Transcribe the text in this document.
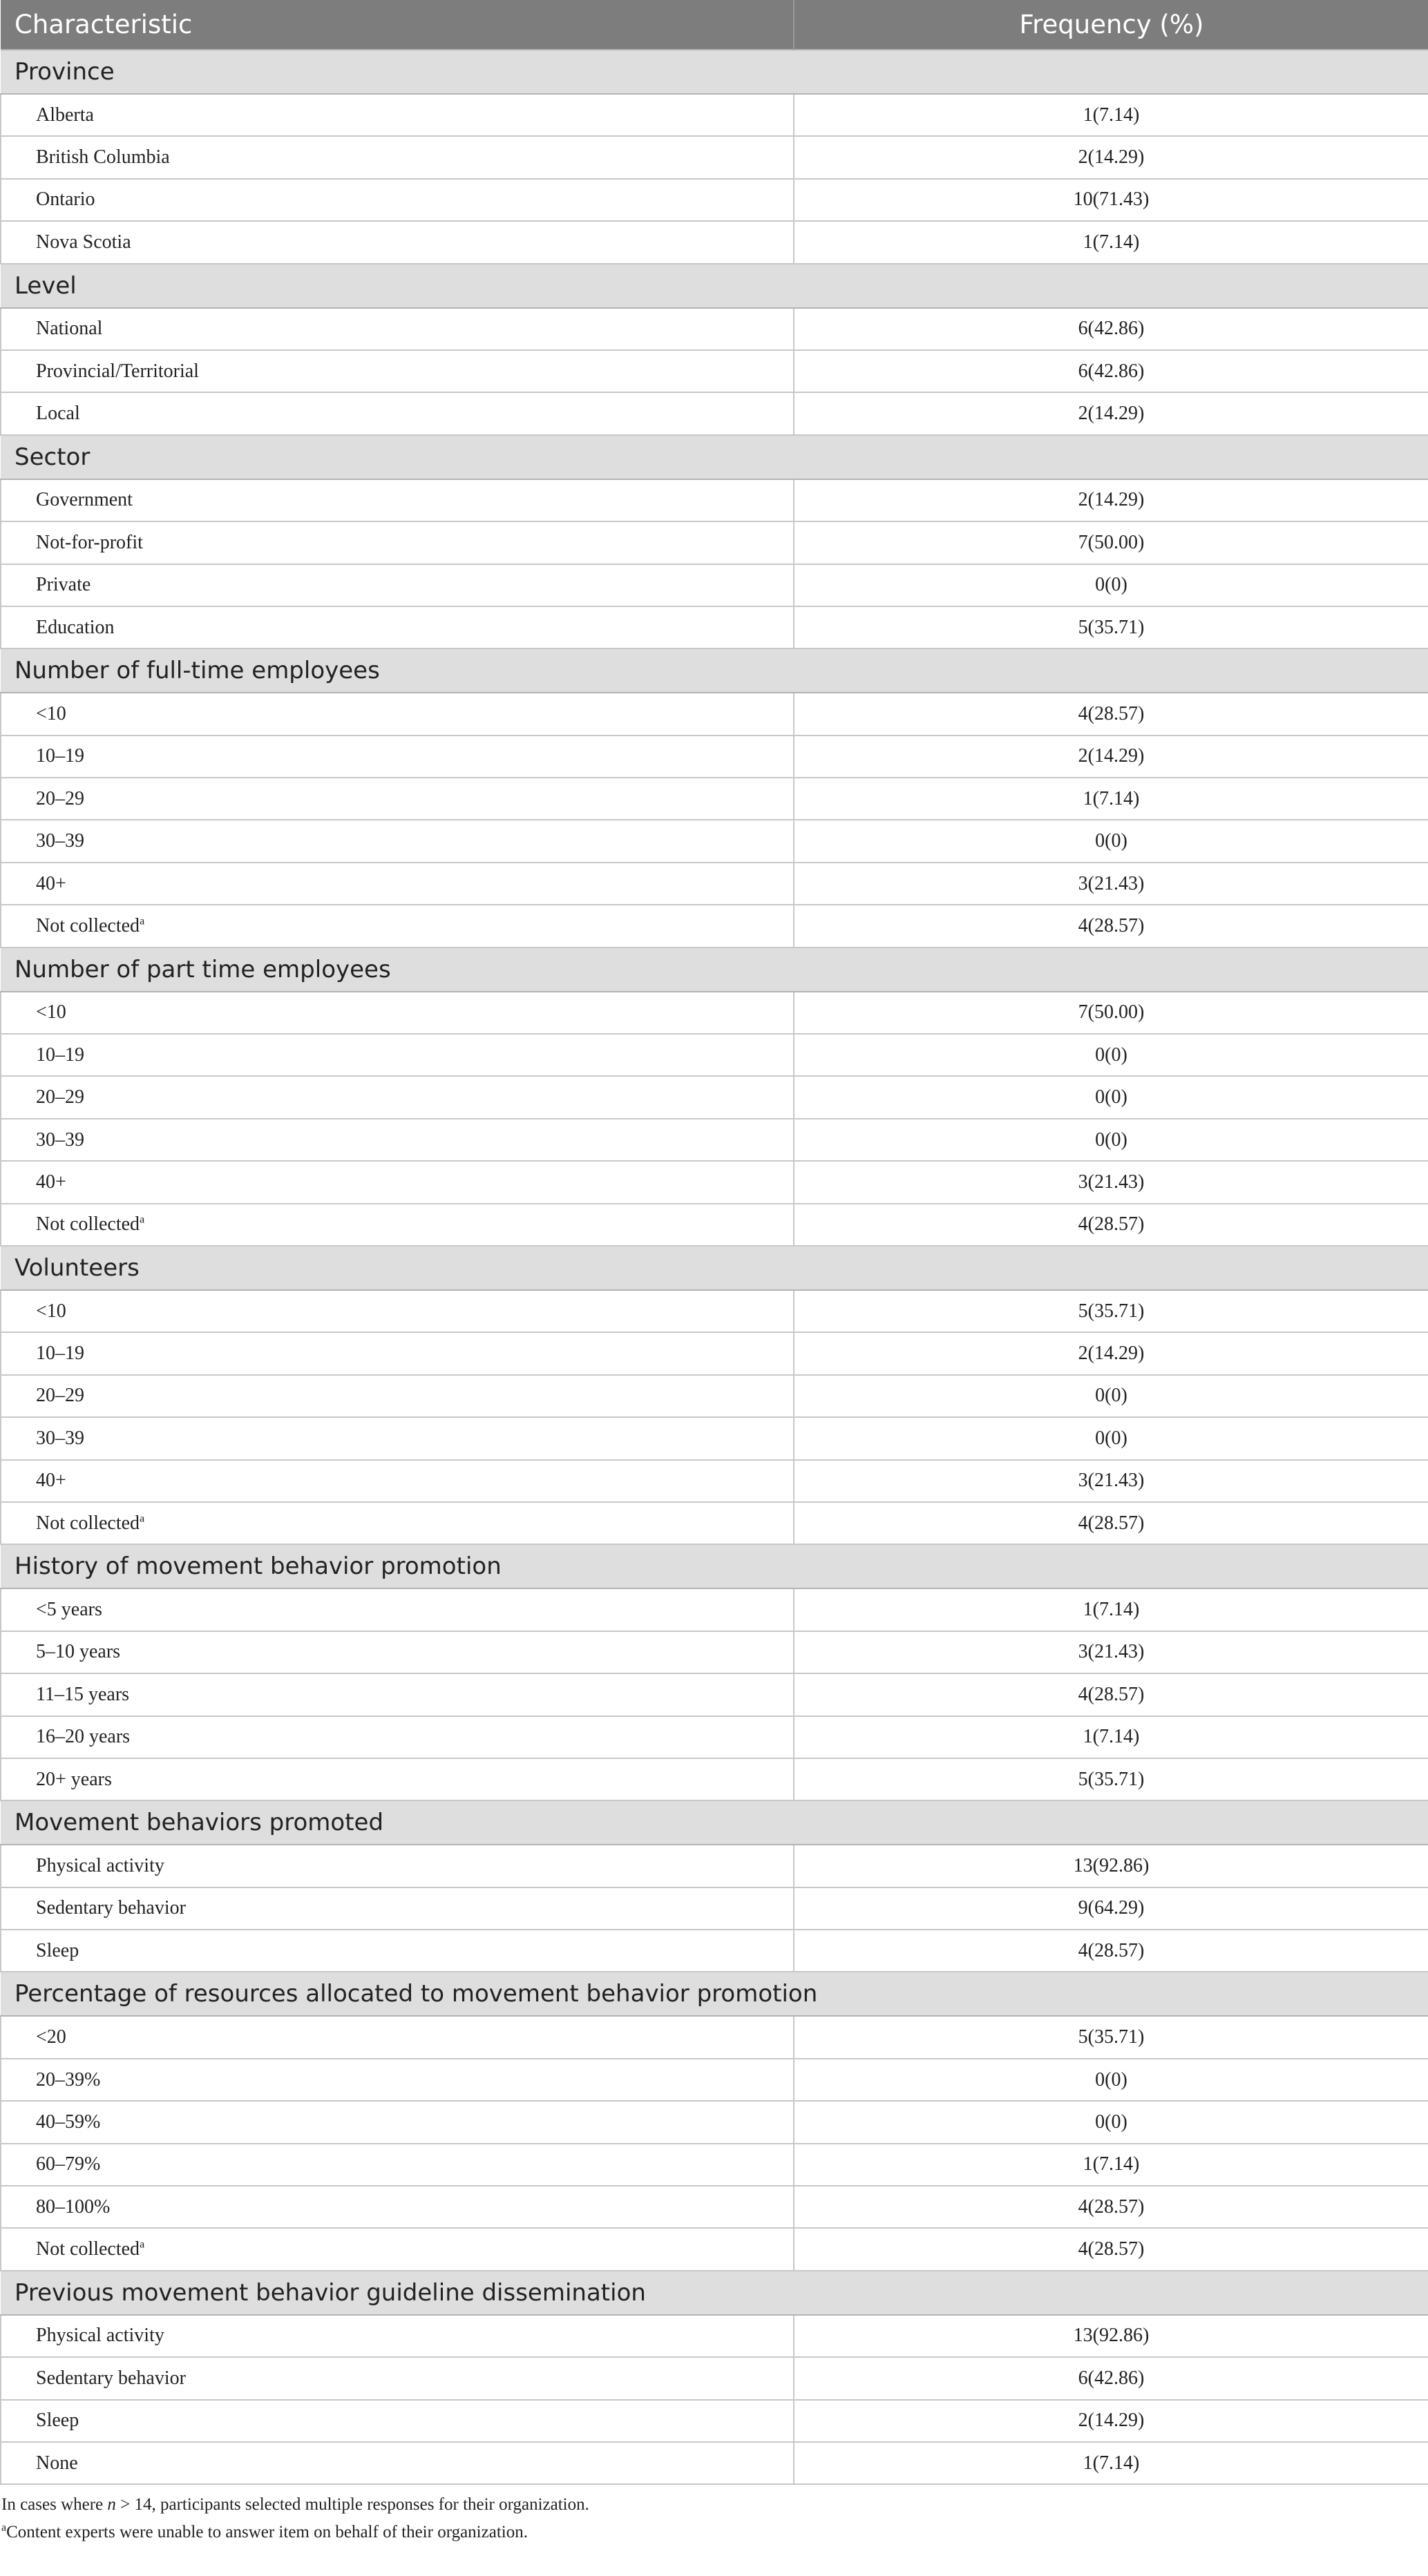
Characteristic	Frequency (%)
Province	
Alberta	1(7.14)
British Columbia	2(14.29)
Ontario	10(71.43)
Nova Scotia	1(7.14)
Level	
National	6(42.86)
Provincial/Territorial	6(42.86)
Local	2(14.29)
Sector	
Government	2(14.29)
Not-for-profit	7(50.00)
Private	0(0)
Education	5(35.71)
Number of full-time employees	
<10	4(28.57)
10–19	2(14.29)
20–29	1(7.14)
30–39	0(0)
40+	3(21.43)
Not collected$^a$	4(28.57)
Number of part time employees	
<10	7(50.00)
10–19	0(0)
20–29	0(0)
30–39	0(0)
40+	3(21.43)
Not collected$^a$	4(28.57)
Volunteers	
<10	5(35.71)
10–19	2(14.29)
20–29	0(0)
30–39	0(0)
40+	3(21.43)
Not collected$^a$	4(28.57)
History of movement behavior promotion	
<5 years	1(7.14)
5–10 years	3(21.43)
11–15 years	4(28.57)
16–20 years	1(7.14)
20+ years	5(35.71)
Movement behaviors promoted	
Physical activity	13(92.86)
Sedentary behavior	9(64.29)
Sleep	4(28.57)
Percentage of resources allocated to movement behavior promotion	
<20	5(35.71)
20–39%	0(0)
40–59%	0(0)
60–79%	1(7.14)
80–100%	4(28.57)
Not collected$^a$	4(28.57)
Previous movement behavior guideline dissemination	
Physical activity	13(92.86)
Sedentary behavior	6(42.86)
Sleep	2(14.29)
None	1(7.14)

In cases where n > 14, participants selected multiple responses for their organization.

$^a$Content experts were unable to answer item on behalf of their organization.
